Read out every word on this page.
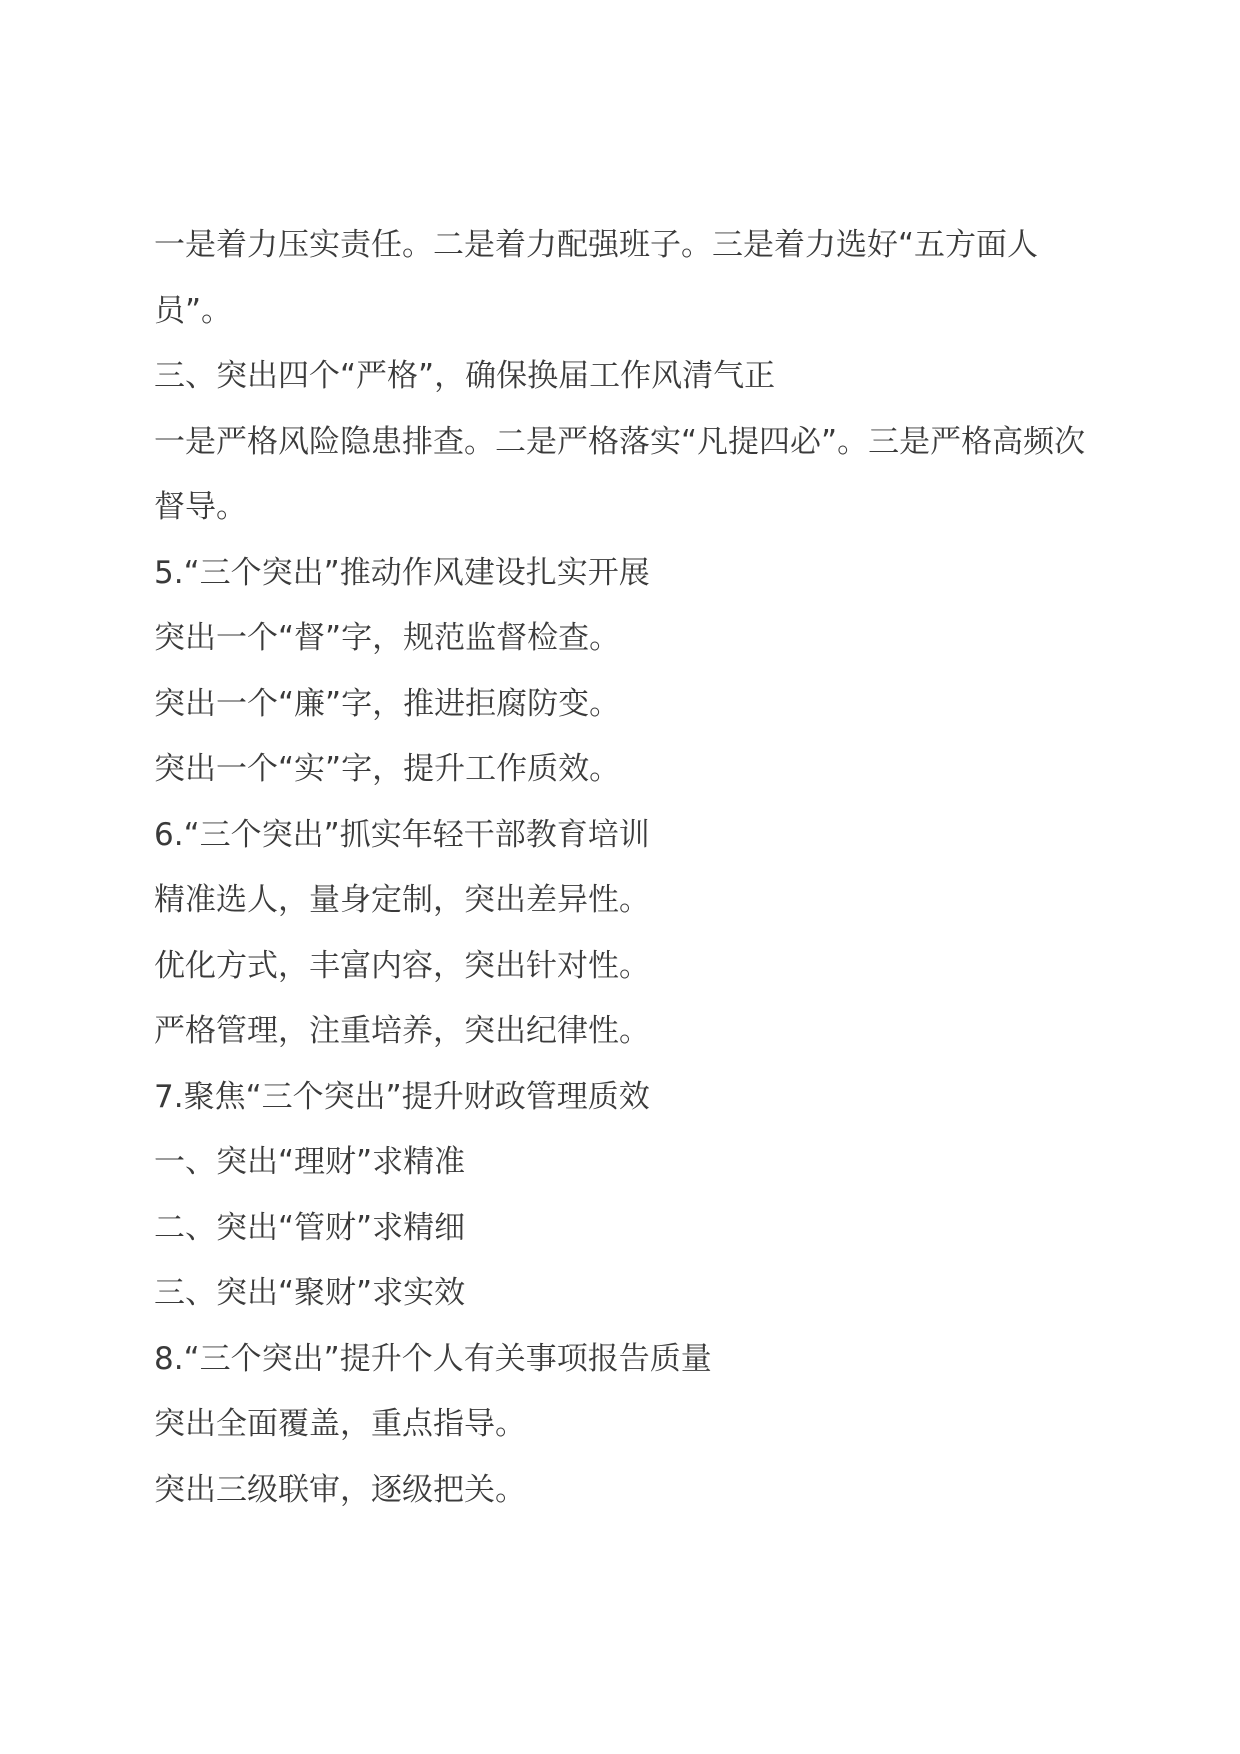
一是着力压实责任。二是着力配强班子。三是着力选好“五方面人员”。

三、突出四个“严格”，确保换届工作风清气正

一是严格风险隐患排查。二是严格落实“凡提四必”。三是严格高频次督导。

5.“三个突出”推动作风建设扎实开展

突出一个“督”字，规范监督检查。

突出一个“廉”字，推进拒腐防变。

突出一个“实”字，提升工作质效。

6.“三个突出”抓实年轻干部教育培训

精准选人，量身定制，突出差异性。

优化方式，丰富内容，突出针对性。

严格管理，注重培养，突出纪律性。

7.聚焦“三个突出”提升财政管理质效

一、突出“理财”求精准

二、突出“管财”求精细

三、突出“聚财”求实效

8.“三个突出”提升个人有关事项报告质量

突出全面覆盖，重点指导。

突出三级联审，逐级把关。
